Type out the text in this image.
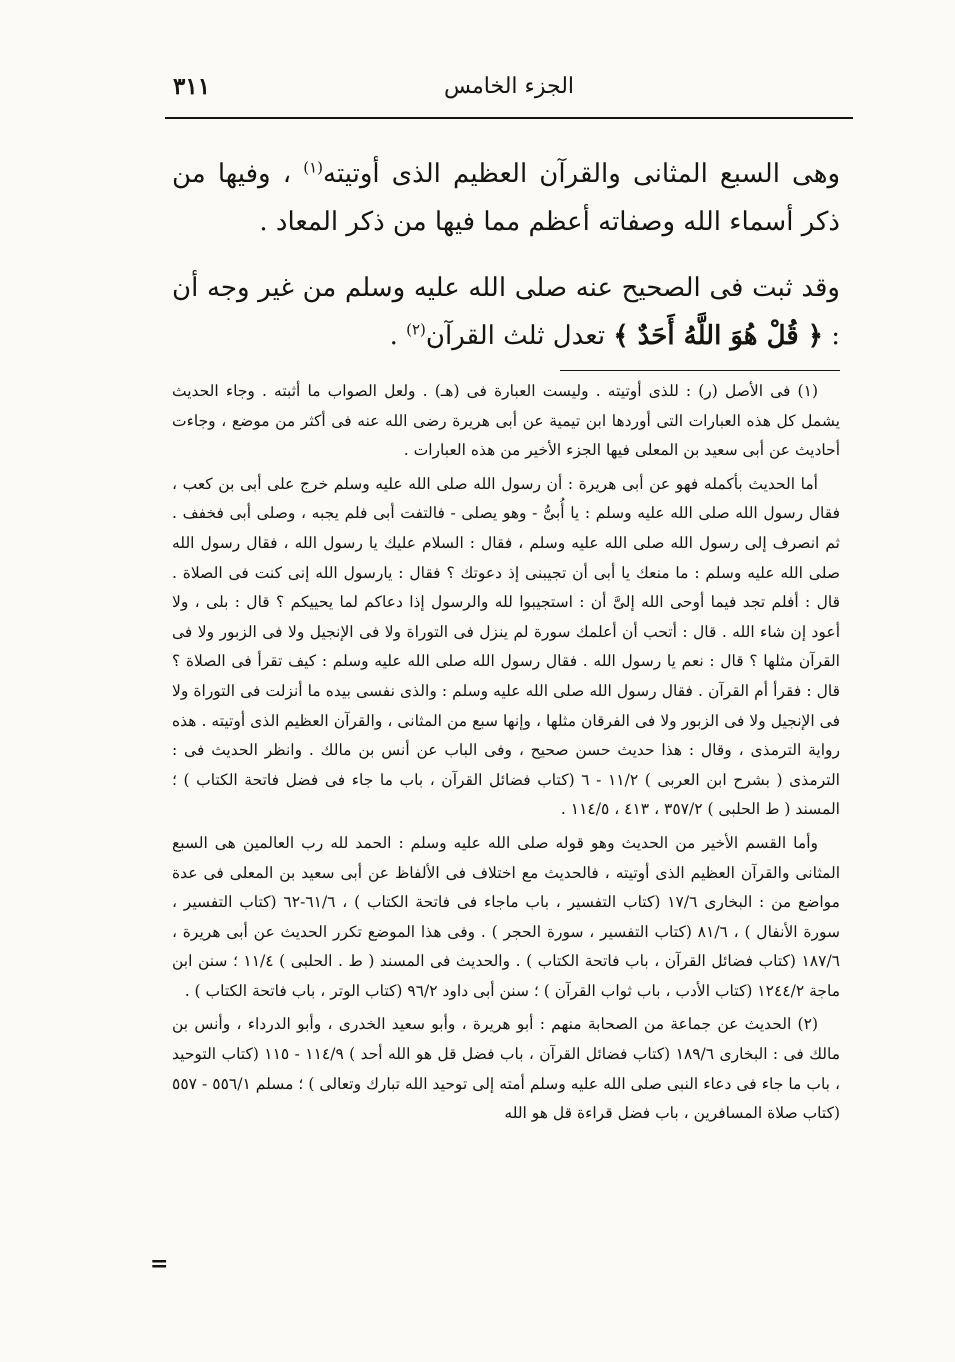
الجزء الخامس
٣١١

وهى السبع المثانى والقرآن العظيم الذى أوتيته$^{(١)}$ ، وفيها من ذكر أسماء الله وصفاته أعظم مما فيها من ذكر المعاد .

وقد ثبت فى الصحيح عنه صلى الله عليه وسلم من غير وجه أن : ﴿ قُلْ هُوَ اللَّهُ أَحَدٌ ﴾ تعدل ثلث القرآن$^{(٢)}$ .

(١) فى الأصل (ر) : للذى أوتيته . وليست العبارة فى (هـ) . ولعل الصواب ما أثبته . وجاء الحديث يشمل كل هذه العبارات التى أوردها ابن تيمية عن أبى هريرة رضى الله عنه فى أكثر من موضع ، وجاءت أحاديث عن أبى سعيد بن المعلى فيها الجزء الأخير من هذه العبارات .

أما الحديث بأكمله فهو عن أبى هريرة : أن رسول الله صلى الله عليه وسلم خرج على أبى بن كعب ، فقال رسول الله صلى الله عليه وسلم : يا أُبىُّ - وهو يصلى - فالتفت أبى فلم يجبه ، وصلى أبى فخفف . ثم انصرف إلى رسول الله صلى الله عليه وسلم ، فقال : السلام عليك يا رسول الله ، فقال رسول الله صلى الله عليه وسلم : ما منعك يا أبى أن تجيبنى إذ دعوتك ؟ فقال : يارسول الله إنى كنت فى الصلاة . قال : أفلم تجد فيما أوحى الله إلىَّ أن : استجيبوا لله والرسول إذا دعاكم لما يحييكم ؟ قال : بلى ، ولا أعود إن شاء الله . قال : أتحب أن أعلمك سورة لم ينزل فى التوراة ولا فى الإنجيل ولا فى الزبور ولا فى القرآن مثلها ؟ قال : نعم يا رسول الله . فقال رسول الله صلى الله عليه وسلم : كيف تقرأ فى الصلاة ؟ قال : فقرأ أم القرآن . فقال رسول الله صلى الله عليه وسلم : والذى نفسى بيده ما أنزلت فى التوراة ولا فى الإنجيل ولا فى الزبور ولا فى الفرقان مثلها ، وإنها سبع من المثانى ، والقرآن العظيم الذى أوتيته . هذه رواية الترمذى ، وقال : هذا حديث حسن صحيح ، وفى الباب عن أنس بن مالك . وانظر الحديث فى : الترمذى ( بشرح ابن العربى ) ١١/٢ - ٦ (كتاب فضائل القرآن ، باب ما جاء فى فضل فاتحة الكتاب ) ؛ المسند ( ط الحلبى ) ٣٥٧/٢ ، ٤١٣ ، ١١٤/٥ .

وأما القسم الأخير من الحديث وهو قوله صلى الله عليه وسلم : الحمد لله رب العالمين هى السبع المثانى والقرآن العظيم الذى أوتيته ، فالحديث مع اختلاف فى الألفاظ عن أبى سعيد بن المعلى فى عدة مواضع من : البخارى ١٧/٦ (كتاب التفسير ، باب ماجاء فى فاتحة الكتاب ) ، ٦١/٦-٦٢ (كتاب التفسير ، سورة الأنفال ) ، ٨١/٦ (كتاب التفسير ، سورة الحجر ) . وفى هذا الموضع تكرر الحديث عن أبى هريرة ، ١٨٧/٦ (كتاب فضائل القرآن ، باب فاتحة الكتاب ) . والحديث فى المسند ( ط . الحلبى ) ١١/٤ ؛ سنن ابن ماجة ١٢٤٤/٢ (كتاب الأدب ، باب ثواب القرآن ) ؛ سنن أبى داود ٩٦/٢ (كتاب الوتر ، باب فاتحة الكتاب ) .

(٢) الحديث عن جماعة من الصحابة منهم : أبو هريرة ، وأبو سعيد الخدرى ، وأبو الدرداء ، وأنس بن مالك فى : البخارى ١٨٩/٦ (كتاب فضائل القرآن ، باب فضل قل هو الله أحد ) ١١٤/٩ - ١١٥ (كتاب التوحيد ، باب ما جاء فى دعاء النبى صلى الله عليه وسلم أمته إلى توحيد الله تبارك وتعالى ) ؛ مسلم ٥٥٦/١ - ٥٥٧ (كتاب صلاة المسافرين ، باب فضل قراءة قل هو الله

=
